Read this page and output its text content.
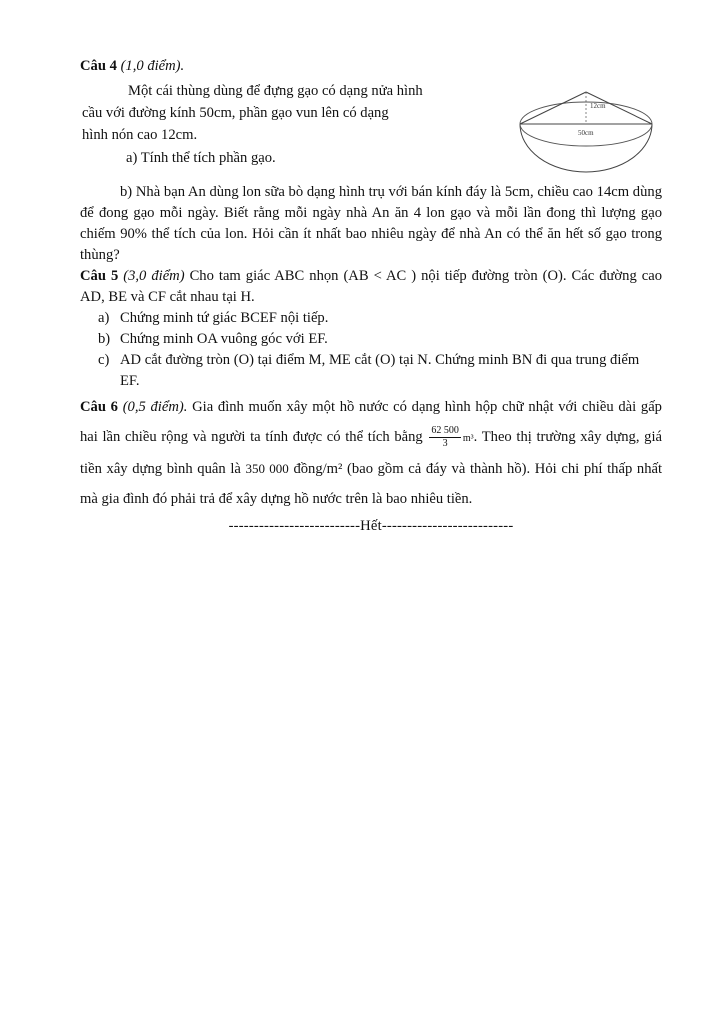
Câu 4 (1,0 điểm).
Một cái thùng dùng để đựng gạo có dạng nửa hình
cầu với đường kính 50cm, phần gạo vun lên có dạng
hình nón cao 12cm.
a) Tính thể tích phần gạo.
12cm
50cm

b) Nhà bạn An dùng lon sữa bò dạng hình trụ với bán kính đáy là 5cm, chiều cao 14cm dùng để đong gạo mỗi ngày. Biết rằng mỗi ngày nhà An ăn 4 lon gạo và mỗi lần đong thì lượng gạo chiếm 90% thể tích của lon. Hỏi cần ít nhất bao nhiêu ngày để nhà An có thể ăn hết số gạo trong thùng?

Câu 5 (3,0 điểm) Cho tam giác ABC nhọn (AB < AC ) nội tiếp đường tròn (O). Các đường cao AD, BE và CF cắt nhau tại H.

a) Chứng minh tứ giác BCEF nội tiếp.
b) Chứng minh OA vuông góc với EF.
c) AD cắt đường tròn (O) tại điểm M, ME cắt (O) tại N. Chứng minh BN đi qua trung điểm EF.

Câu 6 (0,5 điểm). Gia đình muốn xây một hồ nước có dạng hình hộp chữ nhật với chiều dài gấp hai lần chiều rộng và người ta tính được có thể tích bằng $\frac{62 500}{3} m^3$. Theo thị trường xây dựng, giá tiền xây dựng bình quân là 350 000 đồng/m² (bao gồm cả đáy và thành hồ). Hỏi chi phí thấp nhất mà gia đình đó phải trả để xây dựng hồ nước trên là bao nhiêu tiền.

--------------------------Hết--------------------------
